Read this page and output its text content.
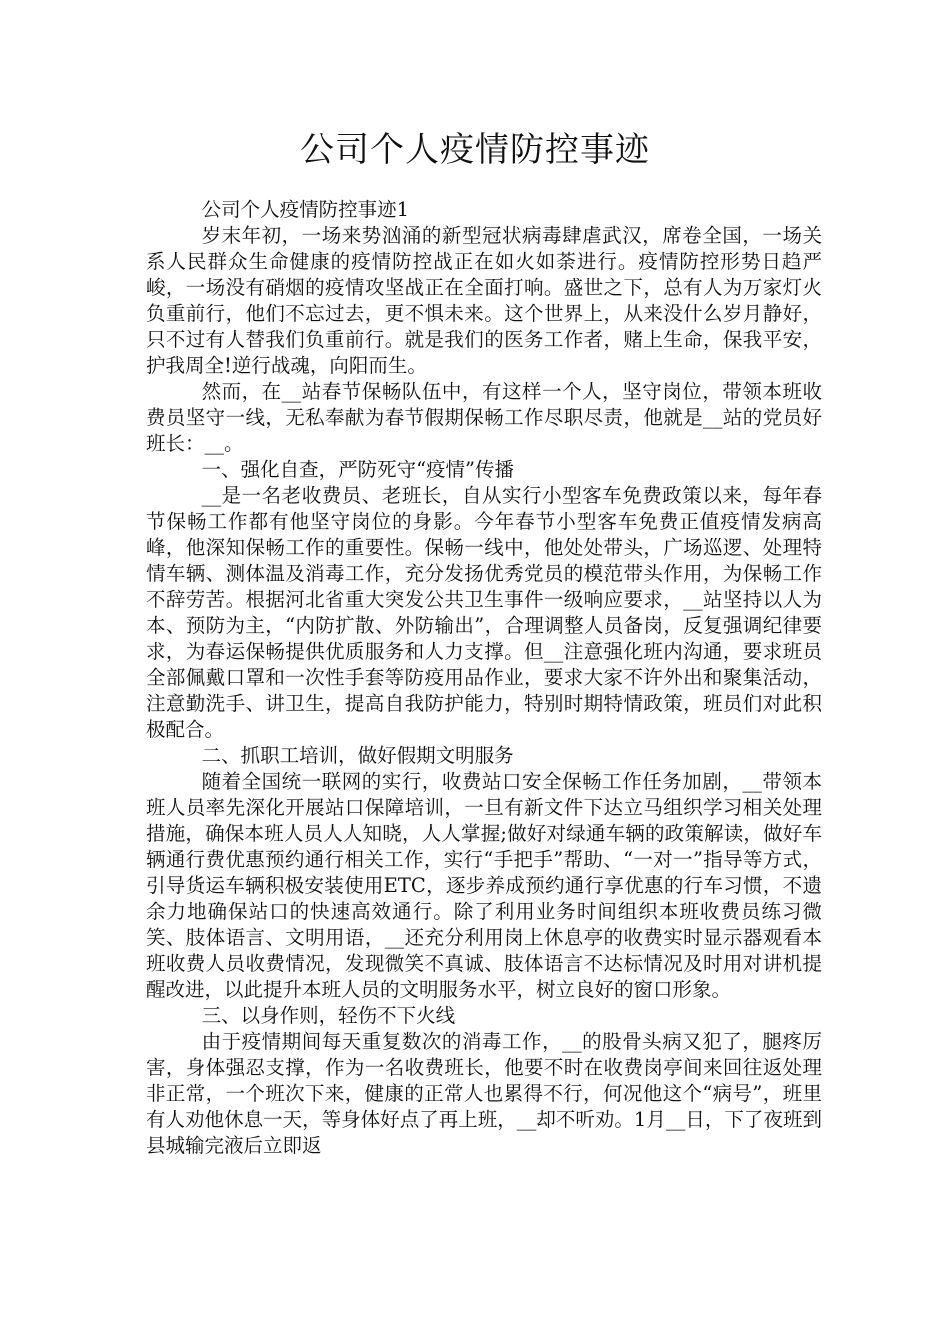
公司个人疫情防控事迹

公司个人疫情防控事迹1

岁末年初，一场来势汹涌的新型冠状病毒肆虐武汉，席卷全国，一场关系人民群众生命健康的疫情防控战正在如火如荼进行。疫情防控形势日趋严峻，一场没有硝烟的疫情攻坚战正在全面打响。盛世之下，总有人为万家灯火负重前行，他们不忘过去，更不惧未来。这个世界上，从来没什么岁月静好，只不过有人替我们负重前行。就是我们的医务工作者，赌上生命，保我平安，护我周全!逆行战魂，向阳而生。

然而，在__站春节保畅队伍中，有这样一个人，坚守岗位，带领本班收费员坚守一线，无私奉献为春节假期保畅工作尽职尽责，他就是__站的党员好班长：__。

一、强化自查，严防死守“疫情”传播

__是一名老收费员、老班长，自从实行小型客车免费政策以来，每年春节保畅工作都有他坚守岗位的身影。今年春节小型客车免费正值疫情发病高峰，他深知保畅工作的重要性。保畅一线中，他处处带头，广场巡逻、处理特情车辆、测体温及消毒工作，充分发扬优秀党员的模范带头作用，为保畅工作不辞劳苦。根据河北省重大突发公共卫生事件一级响应要求，__站坚持以人为本、预防为主，“内防扩散、外防输出”，合理调整人员备岗，反复强调纪律要求，为春运保畅提供优质服务和人力支撑。但__注意强化班内沟通，要求班员全部佩戴口罩和一次性手套等防疫用品作业，要求大家不许外出和聚集活动，注意勤洗手、讲卫生，提高自我防护能力，特别时期特情政策，班员们对此积极配合。

二、抓职工培训，做好假期文明服务

随着全国统一联网的实行，收费站口安全保畅工作任务加剧，__带领本班人员率先深化开展站口保障培训，一旦有新文件下达立马组织学习相关处理措施，确保本班人员人人知晓，人人掌握;做好对绿通车辆的政策解读，做好车辆通行费优惠预约通行相关工作，实行“手把手”帮助、“一对一”指导等方式，引导货运车辆积极安装使用ETC，逐步养成预约通行享优惠的行车习惯，不遗余力地确保站口的快速高效通行。除了利用业务时间组织本班收费员练习微笑、肢体语言、文明用语，__还充分利用岗上休息亭的收费实时显示器观看本班收费人员收费情况，发现微笑不真诚、肢体语言不达标情况及时用对讲机提醒改进，以此提升本班人员的文明服务水平，树立良好的窗口形象。

三、以身作则，轻伤不下火线

由于疫情期间每天重复数次的消毒工作，__的股骨头病又犯了，腿疼厉害，身体强忍支撑，作为一名收费班长，他要不时在收费岗亭间来回往返处理非正常，一个班次下来，健康的正常人也累得不行，何况他这个“病号”，班里有人劝他休息一天，等身体好点了再上班，__却不听劝。1月__日，下了夜班到县城输完液后立即返
